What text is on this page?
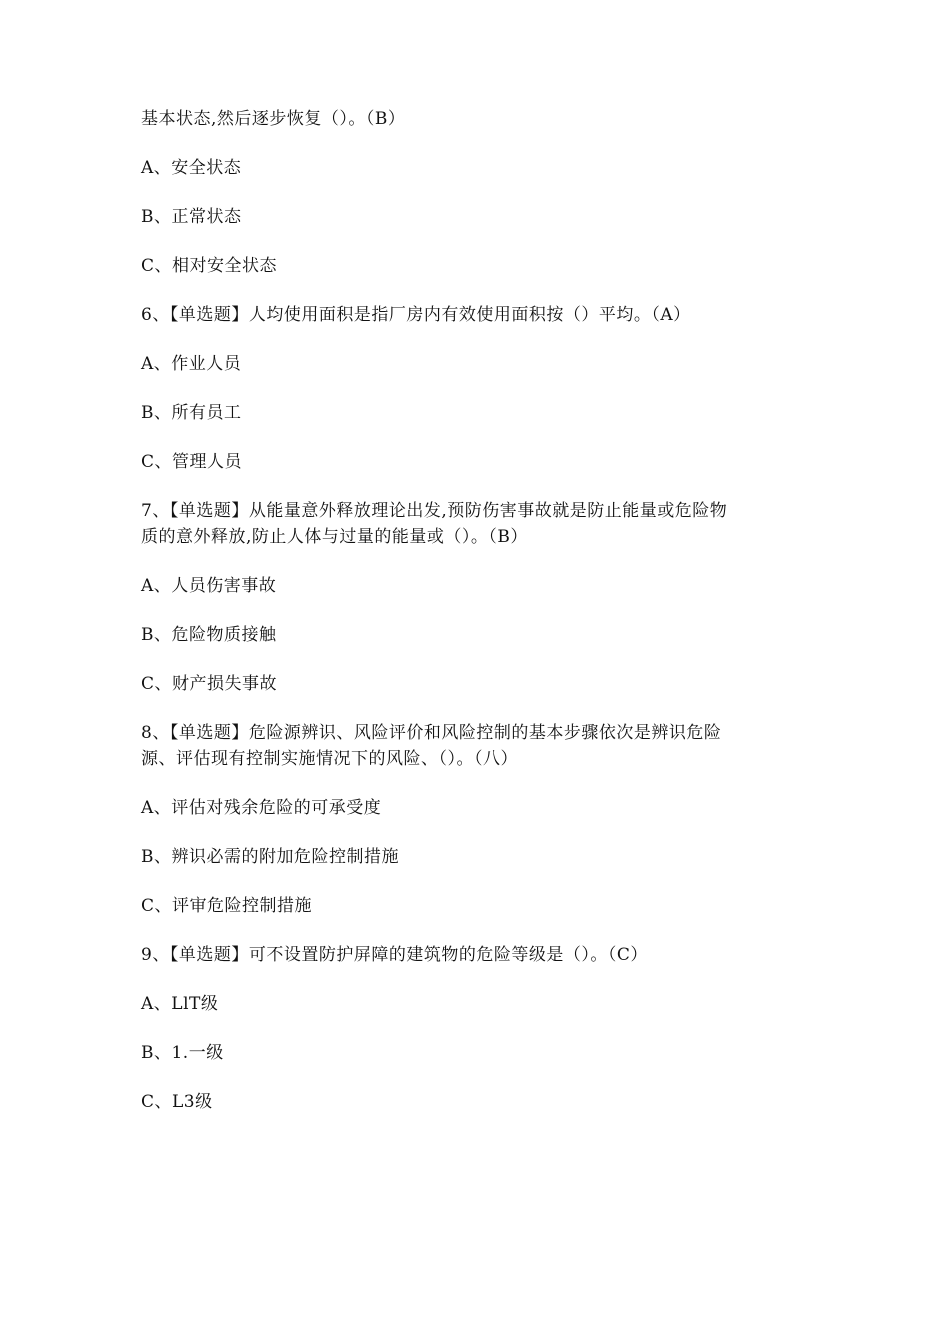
基本状态,然后逐步恢复（）。（B）
A、安全状态
B、正常状态
C、相对安全状态
6、【单选题】人均使用面积是指厂房内有效使用面积按（）平均。（A）
A、作业人员
B、所有员工
C、管理人员
7、【单选题】从能量意外释放理论出发,预防伤害事故就是防止能量或危险物
质的意外释放,防止人体与过量的能量或（）。（B）
A、人员伤害事故
B、危险物质接触
C、财产损失事故
8、【单选题】危险源辨识、风险评价和风险控制的基本步骤依次是辨识危险
源、评估现有控制实施情况下的风险、（）。（八）
A、评估对残余危险的可承受度
B、辨识必需的附加危险控制措施
C、评审危险控制措施
9、【单选题】可不设置防护屏障的建筑物的危险等级是（）。（C）
A、LlT级
B、1.一级
C、L3级
